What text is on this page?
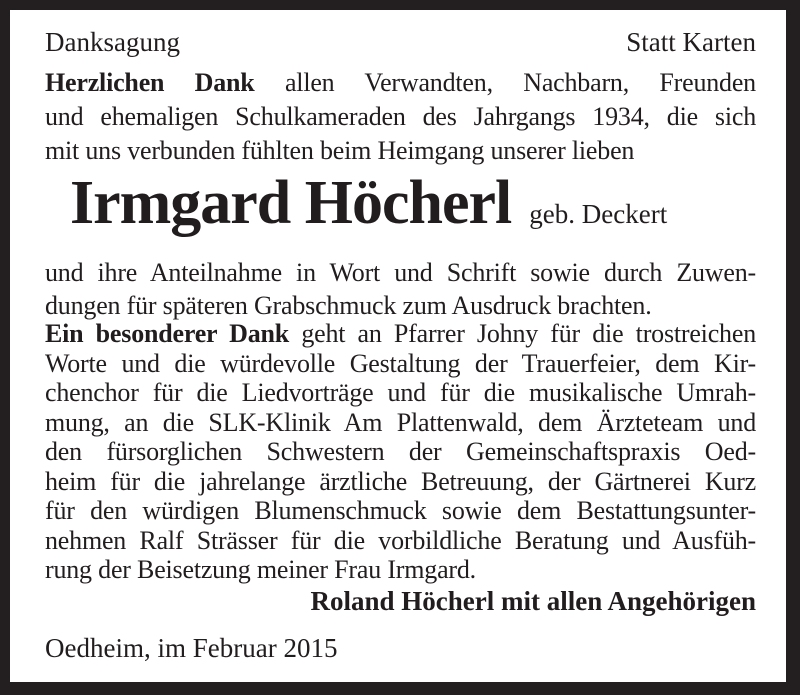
Danksagung	Statt Karten
Herzlichen Dank allen Verwandten, Nachbarn, Freunden
und ehemaligen Schulkameraden des Jahrgangs 1934, die sich
mit uns verbunden fühlten beim Heimgang unserer lieben
Irmgard Höcherl geb. Deckert
und ihre Anteilnahme in Wort und Schrift sowie durch Zuwen-
dungen für späteren Grabschmuck zum Ausdruck brachten.
Ein besonderer Dank geht an Pfarrer Johny für die trostreichen
Worte und die würdevolle Gestaltung der Trauerfeier, dem Kir-
chenchor für die Liedvorträge und für die musikalische Umrah-
mung, an die SLK-Klinik Am Plattenwald, dem Ärzteteam und
den fürsorglichen Schwestern der Gemeinschaftspraxis Oed-
heim für die jahrelange ärztliche Betreuung, der Gärtnerei Kurz
für den würdigen Blumenschmuck sowie dem Bestattungsunter-
nehmen Ralf Strässer für die vorbildliche Beratung und Ausfüh-
rung der Beisetzung meiner Frau Irmgard.
Roland Höcherl mit allen Angehörigen
Oedheim, im Februar 2015
